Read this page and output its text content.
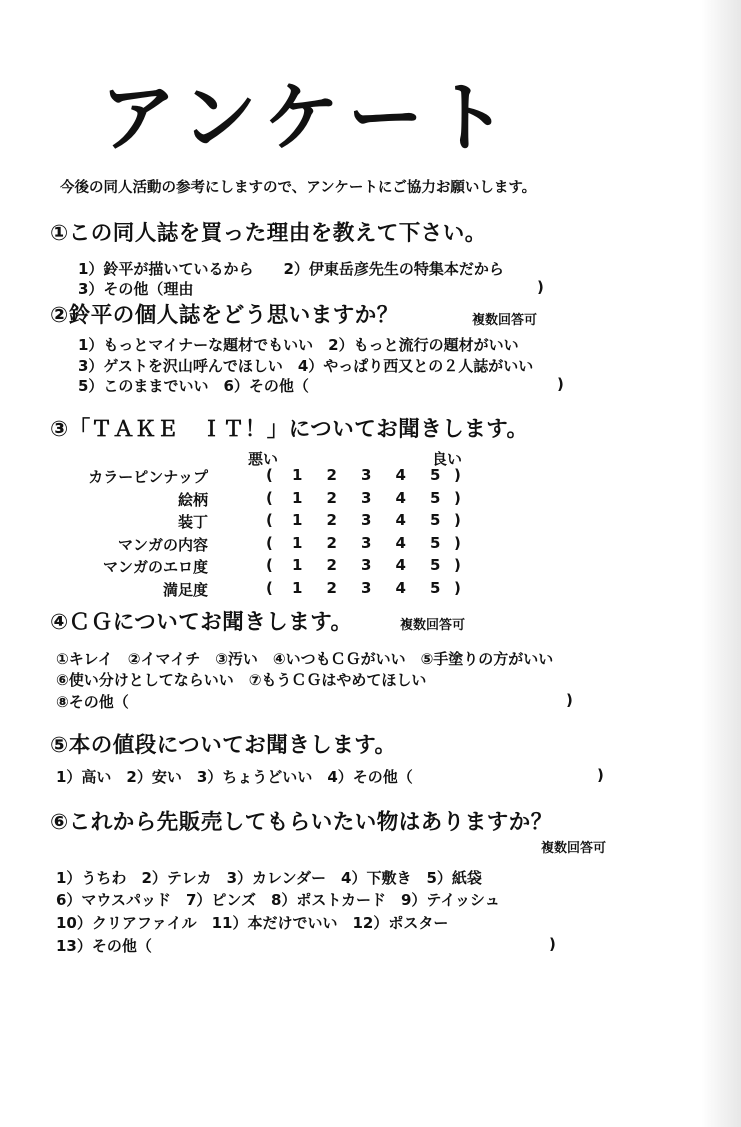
アンケート
今後の同人活動の参考にしますので、アンケートにご協力お願いします。
①この同人誌を買った理由を教えて下さい。
1）鈴平が描いているから　　2）伊東岳彦先生の特集本だから
3）その他（理由	)
②鈴平の個人誌をどう思いますか？	複数回答可
1）もっとマイナーな題材でもいい　2）もっと流行の題材がいい
3）ゲストを沢山呼んでほしい　4）やっぱり西又との２人誌がいい
5）このままでいい　6）その他（	)
③「ＴＡＫＥ　ＩＴ！」についてお聞きします。
悪い	良い
カラーピンナップ	( 1 2 3 4 5 )
絵柄	( 1 2 3 4 5 )
装丁	( 1 2 3 4 5 )
マンガの内容	( 1 2 3 4 5 )
マンガのエロ度	( 1 2 3 4 5 )
満足度	( 1 2 3 4 5 )
④ＣＧについてお聞きします。	複数回答可
①キレイ　②イマイチ　③汚い　④いつもＣＧがいい　⑤手塗りの方がいい
⑥使い分けとしてならいい　⑦もうＣＧはやめてほしい
⑧その他（	)
⑤本の値段についてお聞きします。
1）高い　2）安い　3）ちょうどいい　4）その他（	)
⑥これから先販売してもらいたい物はありますか？
複数回答可
1）うちわ　2）テレカ　3）カレンダー　4）下敷き　5）紙袋
6）マウスパッド　7）ピンズ　8）ポストカード　9）テイッシュ
10）クリアファイル　11）本だけでいい　12）ポスター
13）その他（	)
